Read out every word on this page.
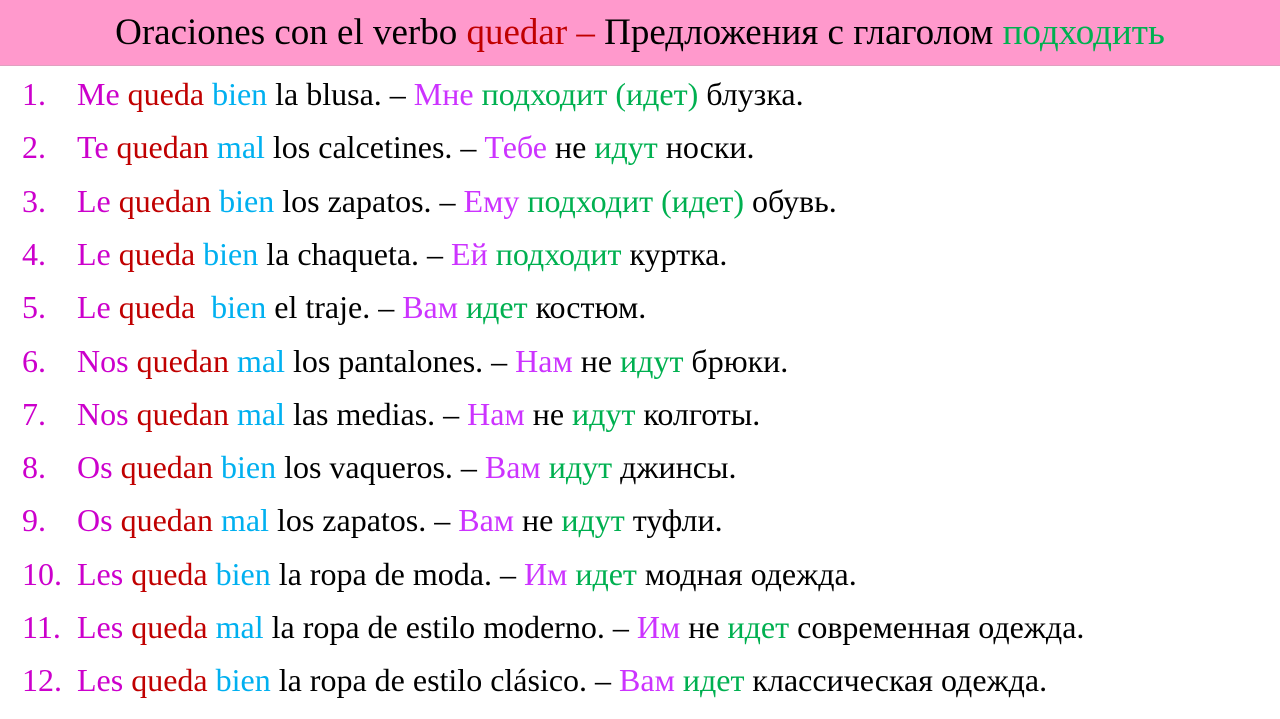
Oraciones con el verbo quedar – Предложения с глаголом подходить
1. Me queda bien la blusa. – Мне подходит (идет) блузка.
2. Te quedan mal los calcetines. – Тебе не идут носки.
3. Le quedan bien los zapatos. – Ему подходит (идет) обувь.
4. Le queda bien la chaqueta. – Ей подходит куртка.
5. Le queda bien el traje. – Вам идет костюм.
6. Nos quedan mal los pantalones. – Нам не идут брюки.
7. Nos quedan mal las medias. – Нам не идут колготы.
8. Os quedan bien los vaqueros. – Вам идут джинсы.
9. Os quedan mal los zapatos. – Вам не идут туфли.
10. Les queda bien la ropa de moda. – Им идет модная одежда.
11. Les queda mal la ropa de estilo moderno. – Им не идет современная одежда.
12. Les queda bien la ropa de estilo clásico. – Вам идет классическая одежда.
